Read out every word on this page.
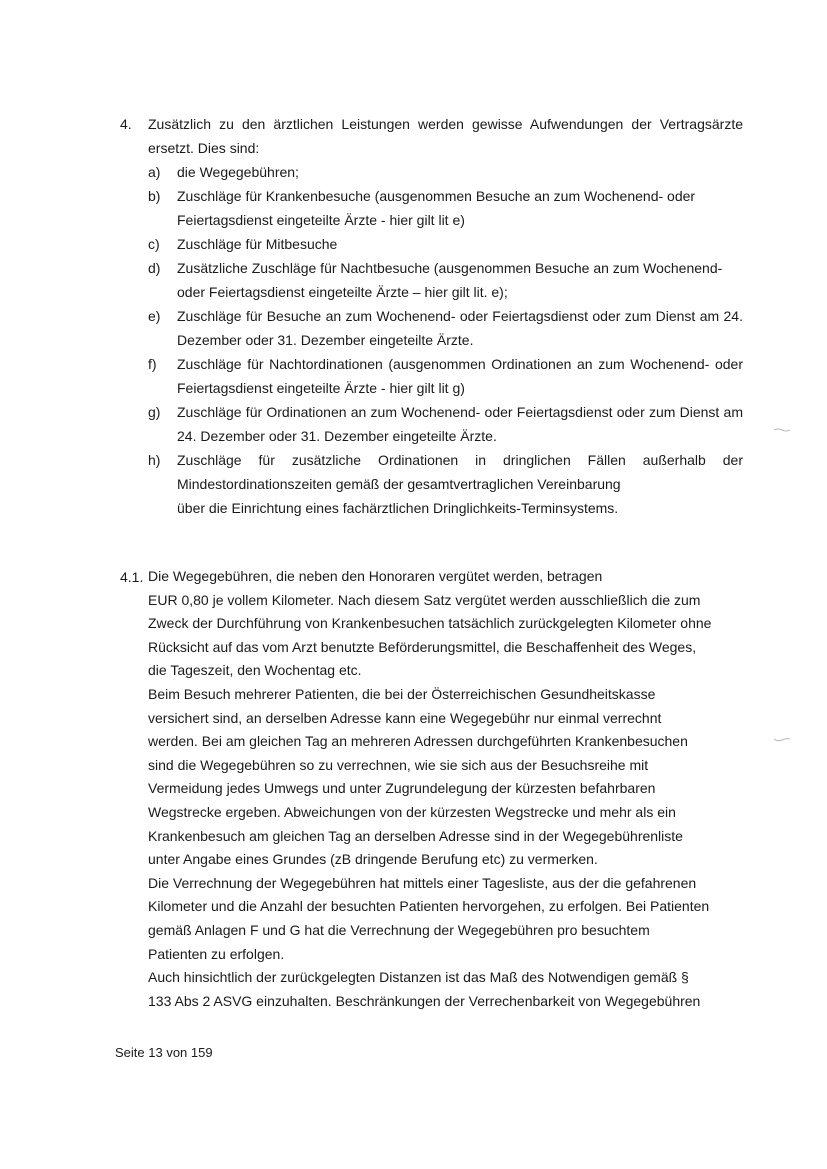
4. Zusätzlich zu den ärztlichen Leistungen werden gewisse Aufwendungen der Vertragsärzte ersetzt. Dies sind:
a) die Wegegebühren;
b) Zuschläge für Krankenbesuche (ausgenommen Besuche an zum Wochenend- oder Feiertagsdienst eingeteilte Ärzte - hier gilt lit e)
c) Zuschläge für Mitbesuche
d) Zusätzliche Zuschläge für Nachtbesuche (ausgenommen Besuche an zum Wochenend- oder Feiertagsdienst eingeteilte Ärzte – hier gilt lit. e);
e) Zuschläge für Besuche an zum Wochenend- oder Feiertagsdienst oder zum Dienst am 24. Dezember oder 31. Dezember eingeteilte Ärzte.
f) Zuschläge für Nachtordinationen (ausgenommen Ordinationen an zum Wochenend- oder Feiertagsdienst eingeteilte Ärzte - hier gilt lit g)
g) Zuschläge für Ordinationen an zum Wochenend- oder Feiertagsdienst oder zum Dienst am 24. Dezember oder 31. Dezember eingeteilte Ärzte.
h) Zuschläge für zusätzliche Ordinationen in dringlichen Fällen außerhalb der
Mindestordinationszeiten gemäß der gesamtvertraglichen Vereinbarung
über die Einrichtung eines fachärztlichen Dringlichkeits-Terminsystems.
4.1. Die Wegegebühren, die neben den Honoraren vergütet werden, betragen

EUR 0,80 je vollem Kilometer. Nach diesem Satz vergütet werden ausschließlich die zum

Zweck der Durchführung von Krankenbesuchen tatsächlich zurückgelegten Kilometer ohne

Rücksicht auf das vom Arzt benutzte Beförderungsmittel, die Beschaffenheit des Weges,

die Tageszeit, den Wochentag etc.

Beim Besuch mehrerer Patienten, die bei der Österreichischen Gesundheitskasse

versichert sind, an derselben Adresse kann eine Wegegebühr nur einmal verrechnt

werden. Bei am gleichen Tag an mehreren Adressen durchgeführten Krankenbesuchen

sind die Wegegebühren so zu verrechnen, wie sie sich aus der Besuchsreihe mit

Vermeidung jedes Umwegs und unter Zugrundelegung der kürzesten befahrbaren

Wegstrecke ergeben. Abweichungen von der kürzesten Wegstrecke und mehr als ein

Krankenbesuch am gleichen Tag an derselben Adresse sind in der Wegegebührenliste

unter Angabe eines Grundes (zB dringende Berufung etc) zu vermerken.

Die Verrechnung der Wegegebühren hat mittels einer Tagesliste, aus der die gefahrenen

Kilometer und die Anzahl der besuchten Patienten hervorgehen, zu erfolgen. Bei Patienten

gemäß Anlagen F und G hat die Verrechnung der Wegegebühren pro besuchtem

Patienten zu erfolgen.

Auch hinsichtlich der zurückgelegten Distanzen ist das Maß des Notwendigen gemäß §

133 Abs 2 ASVG einzuhalten. Beschränkungen der Verrechenbarkeit von Wegegebühren

Seite 13 von 159
